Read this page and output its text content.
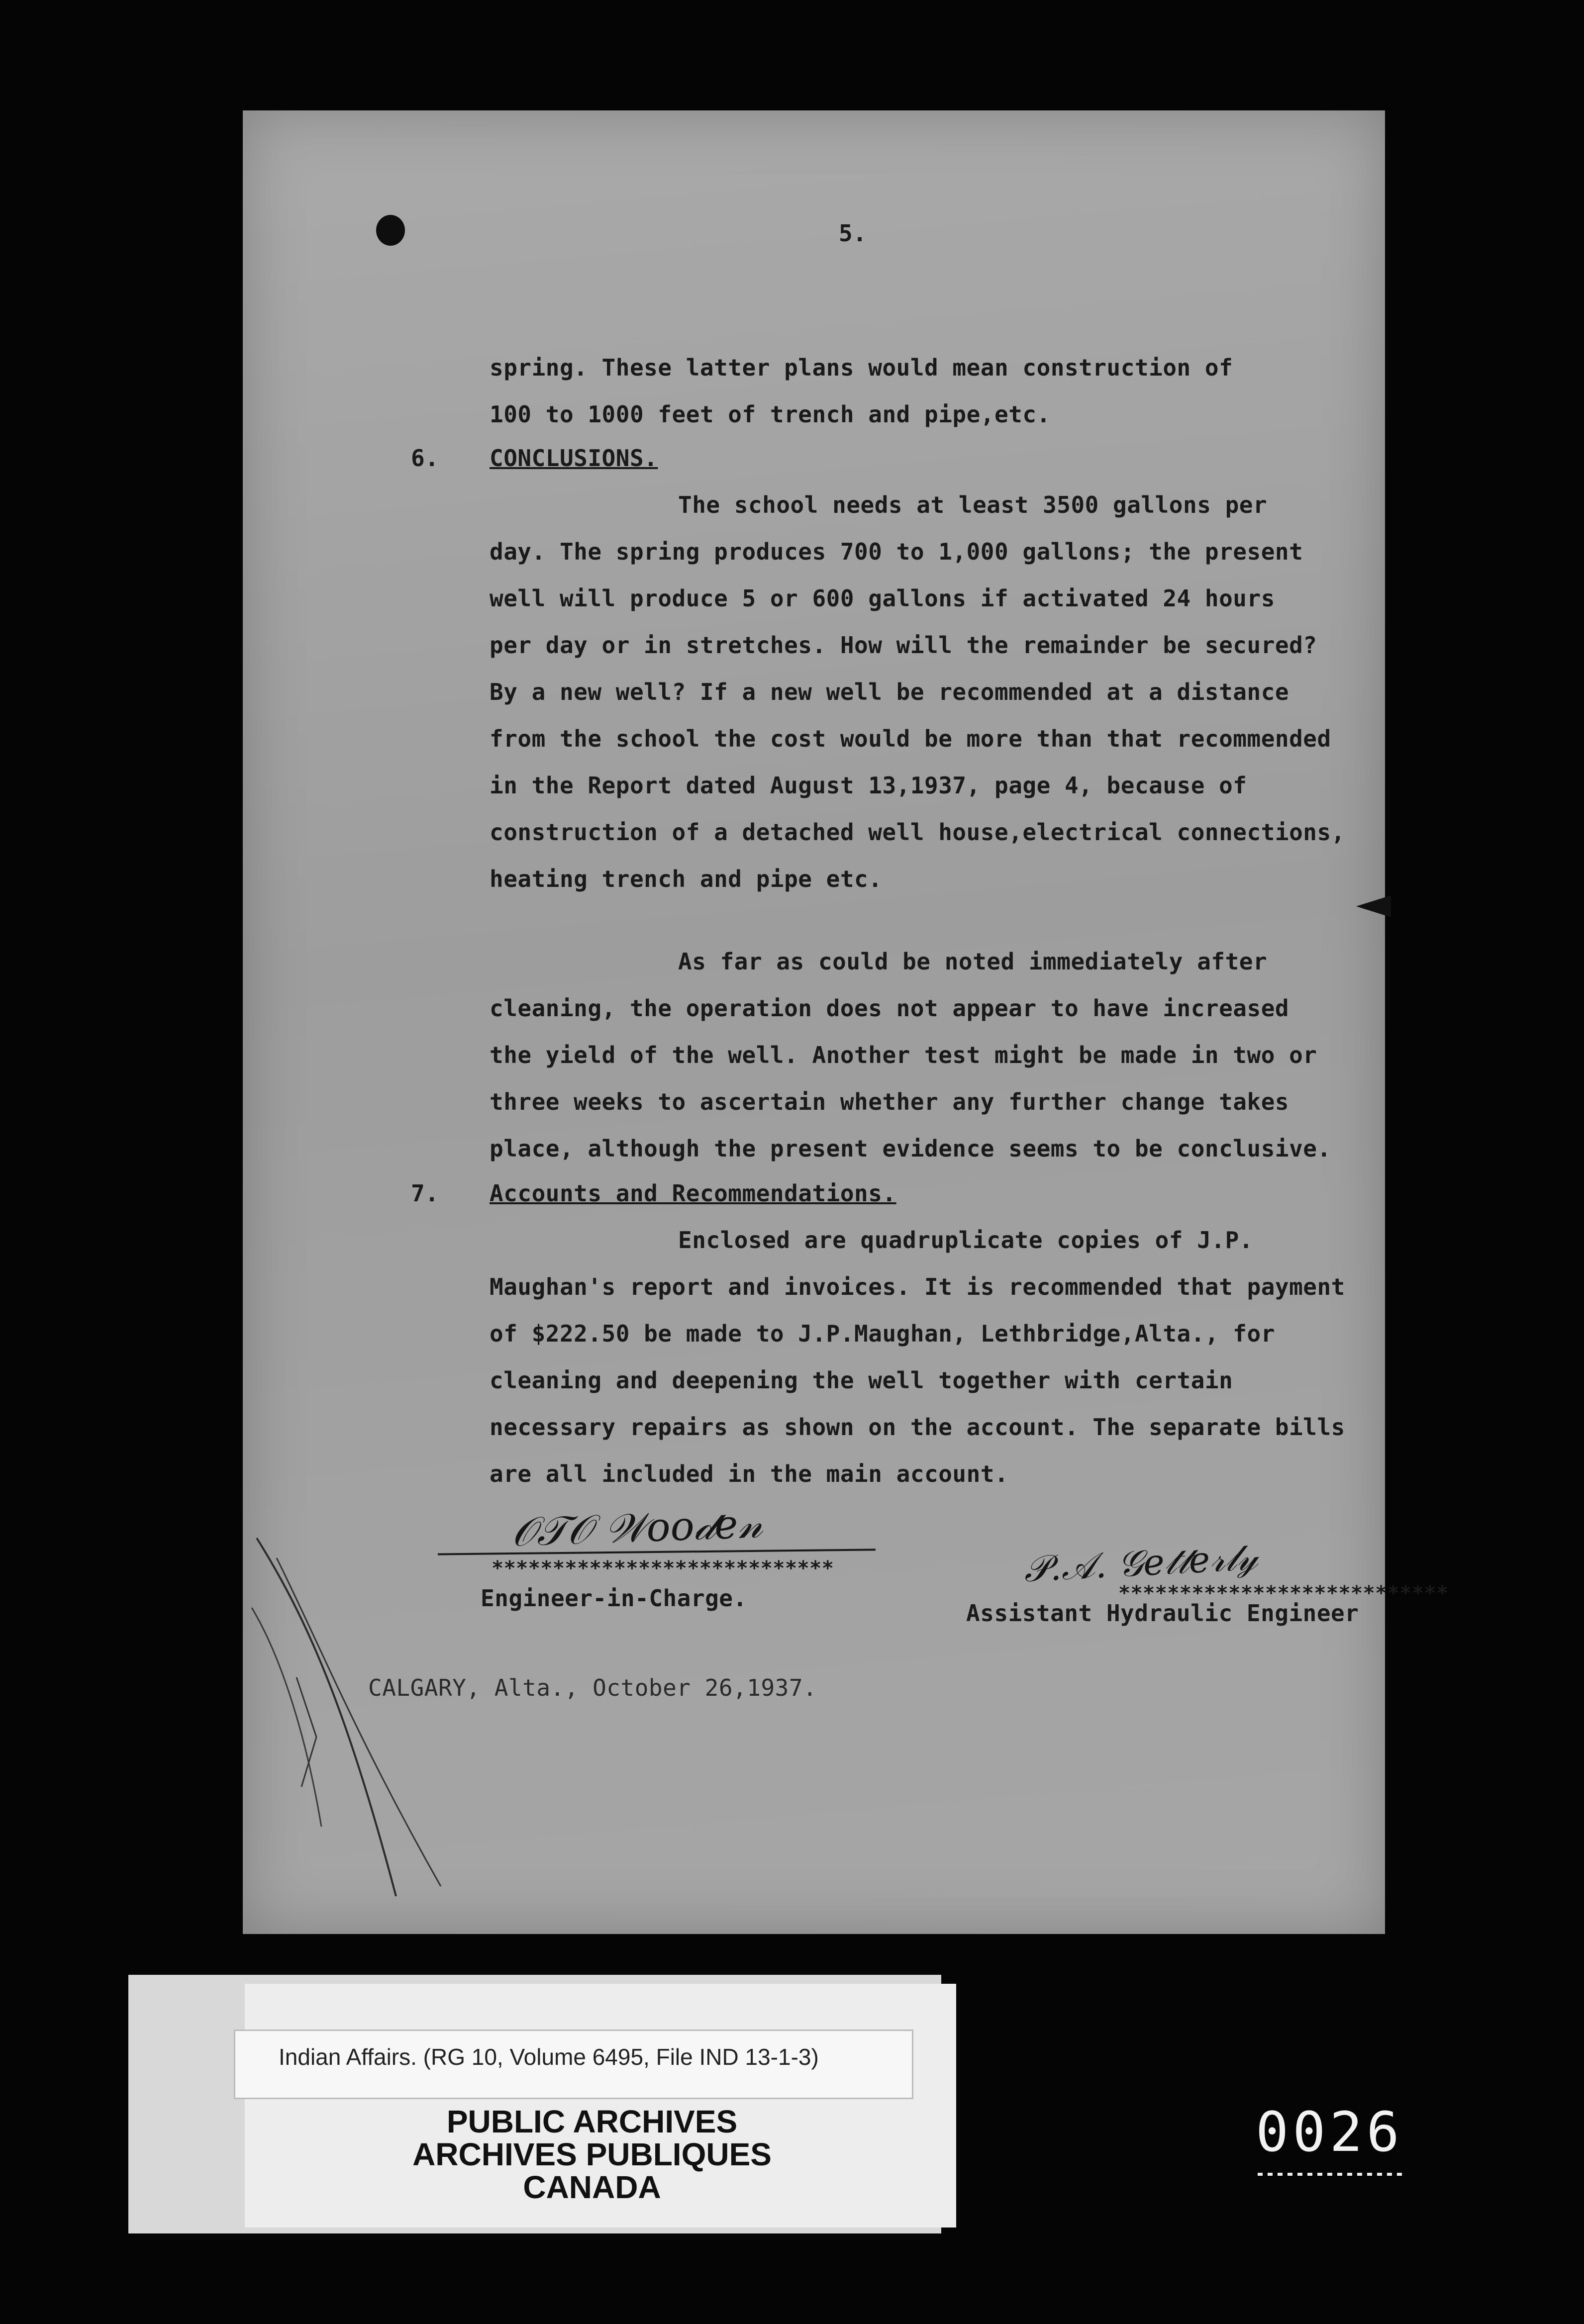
5.
spring. These latter plans would mean construction of
100 to 1000 feet of trench and pipe,etc.
6. CONCLUSIONS.
The school needs at least 3500 gallons per
day. The spring produces 700 to 1,000 gallons; the present
well will produce 5 or 600 gallons if activated 24 hours
per day or in stretches. How will the remainder be secured?
By a new well? If a new well be recommended at a distance
from the school the cost would be more than that recommended
in the Report dated August 13,1937, page 4, because of
construction of a detached well house,electrical connections,
heating trench and pipe etc.
As far as could be noted immediately after
cleaning, the operation does not appear to have increased
the yield of the well. Another test might be made in two or
three weeks to ascertain whether any further change takes
place, although the present evidence seems to be conclusive.
7. Accounts and Recommendations.
Enclosed are quadruplicate copies of J.P.
Maughan's report and invoices. It is recommended that payment
of $222.50 be made to J.P.Maughan, Lethbridge,Alta., for
cleaning and deepening the well together with certain
necessary repairs as shown on the account. The separate bills
are all included in the main account.
𝒪𝒯𝒪 𝒲𝑜𝑜𝒹𝑒𝓃
****************************
Engineer-in-Charge.
𝒫.𝒜. 𝒢𝑒𝓉𝓉𝑒𝓇𝓁𝓎
***************************
Assistant Hydraulic Engineer
CALGARY, Alta., October 26,1937.
Indian Affairs. (RG 10, Volume 6495, File IND 13-1-3)
PUBLIC ARCHIVES
ARCHIVES PUBLIQUES
CANADA
0026
